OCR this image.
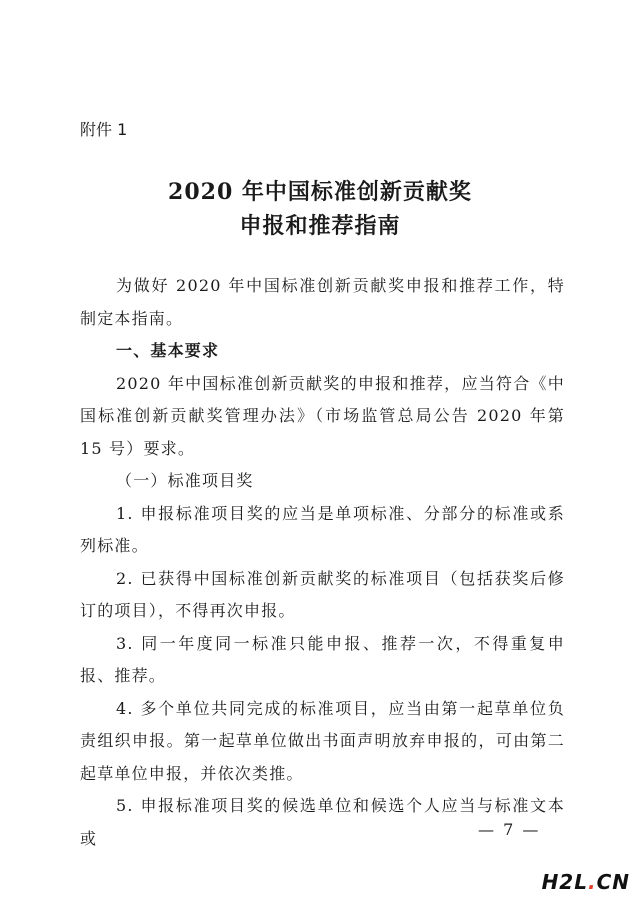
附件 1
2020 年中国标准创新贡献奖
申报和推荐指南

为做好 2020 年中国标准创新贡献奖申报和推荐工作，特制定本指南。

一、基本要求

2020 年中国标准创新贡献奖的申报和推荐，应当符合《中国标准创新贡献奖管理办法》（市场监管总局公告 2020 年第 15 号）要求。

（一）标准项目奖

1. 申报标准项目奖的应当是单项标准、分部分的标准或系列标准。

2. 已获得中国标准创新贡献奖的标准项目（包括获奖后修订的项目），不得再次申报。

3. 同一年度同一标准只能申报、推荐一次，不得重复申报、推荐。

4. 多个单位共同完成的标准项目，应当由第一起草单位负责组织申报。第一起草单位做出书面声明放弃申报的，可由第二起草单位申报，并依次类推。

5. 申报标准项目奖的候选单位和候选个人应当与标准文本或	— 7 —
H2L.CN
